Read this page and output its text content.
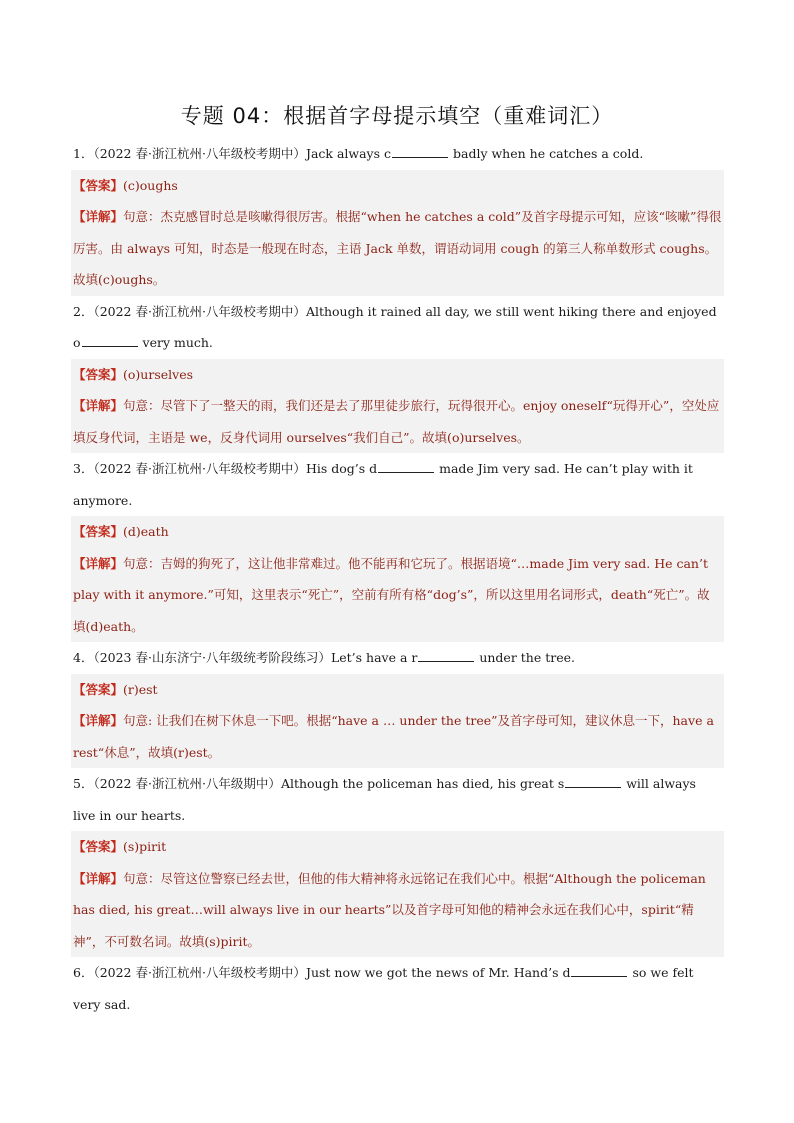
专题 04：根据首字母提示填空（重难词汇）

1．（2022 春·浙江杭州·八年级校考期中）Jack always c	badly when he catches a cold.

【答案】(c)oughs

【详解】句意：杰克感冒时总是咳嗽得很厉害。根据“when he catches a cold”及首字母提示可知，应该“咳嗽”得很厉害。由 always 可知，时态是一般现在时态，主语 Jack 单数，谓语动词用 cough 的第三人称单数形式 coughs。故填(c)oughs。

2．（2022 春·浙江杭州·八年级校考期中）Although it rained all day, we still went hiking there and enjoyed o	very much.

【答案】(o)urselves

【详解】句意：尽管下了一整天的雨，我们还是去了那里徒步旅行，玩得很开心。enjoy oneself“玩得开心”，空处应填反身代词，主语是 we，反身代词用 ourselves“我们自己”。故填(o)urselves。

3．（2022 春·浙江杭州·八年级校考期中）His dog’s d	made Jim very sad. He can’t play with it anymore.

【答案】(d)eath

【详解】句意：吉姆的狗死了，这让他非常难过。他不能再和它玩了。根据语境“…made Jim very sad. He can’t play with it anymore.”可知，这里表示“死亡”，空前有所有格“dog’s”，所以这里用名词形式，death“死亡”。故填(d)eath。

4．（2023 春·山东济宁·八年级统考阶段练习）Let’s have a r	under the tree.

【答案】(r)est

【详解】句意: 让我们在树下休息一下吧。根据“have a … under the tree”及首字母可知，建议休息一下，have a rest“休息”，故填(r)est。

5．（2022 春·浙江杭州·八年级期中）Although the policeman has died, his great s	will always live in our hearts.

【答案】(s)pirit

【详解】句意：尽管这位警察已经去世，但他的伟大精神将永远铭记在我们心中。根据“Although the policeman has died, his great…will always live in our hearts”以及首字母可知他的精神会永远在我们心中，spirit“精神”，不可数名词。故填(s)pirit。

6．（2022 春·浙江杭州·八年级校考期中）Just now we got the news of Mr. Hand’s d	so we felt very sad.
